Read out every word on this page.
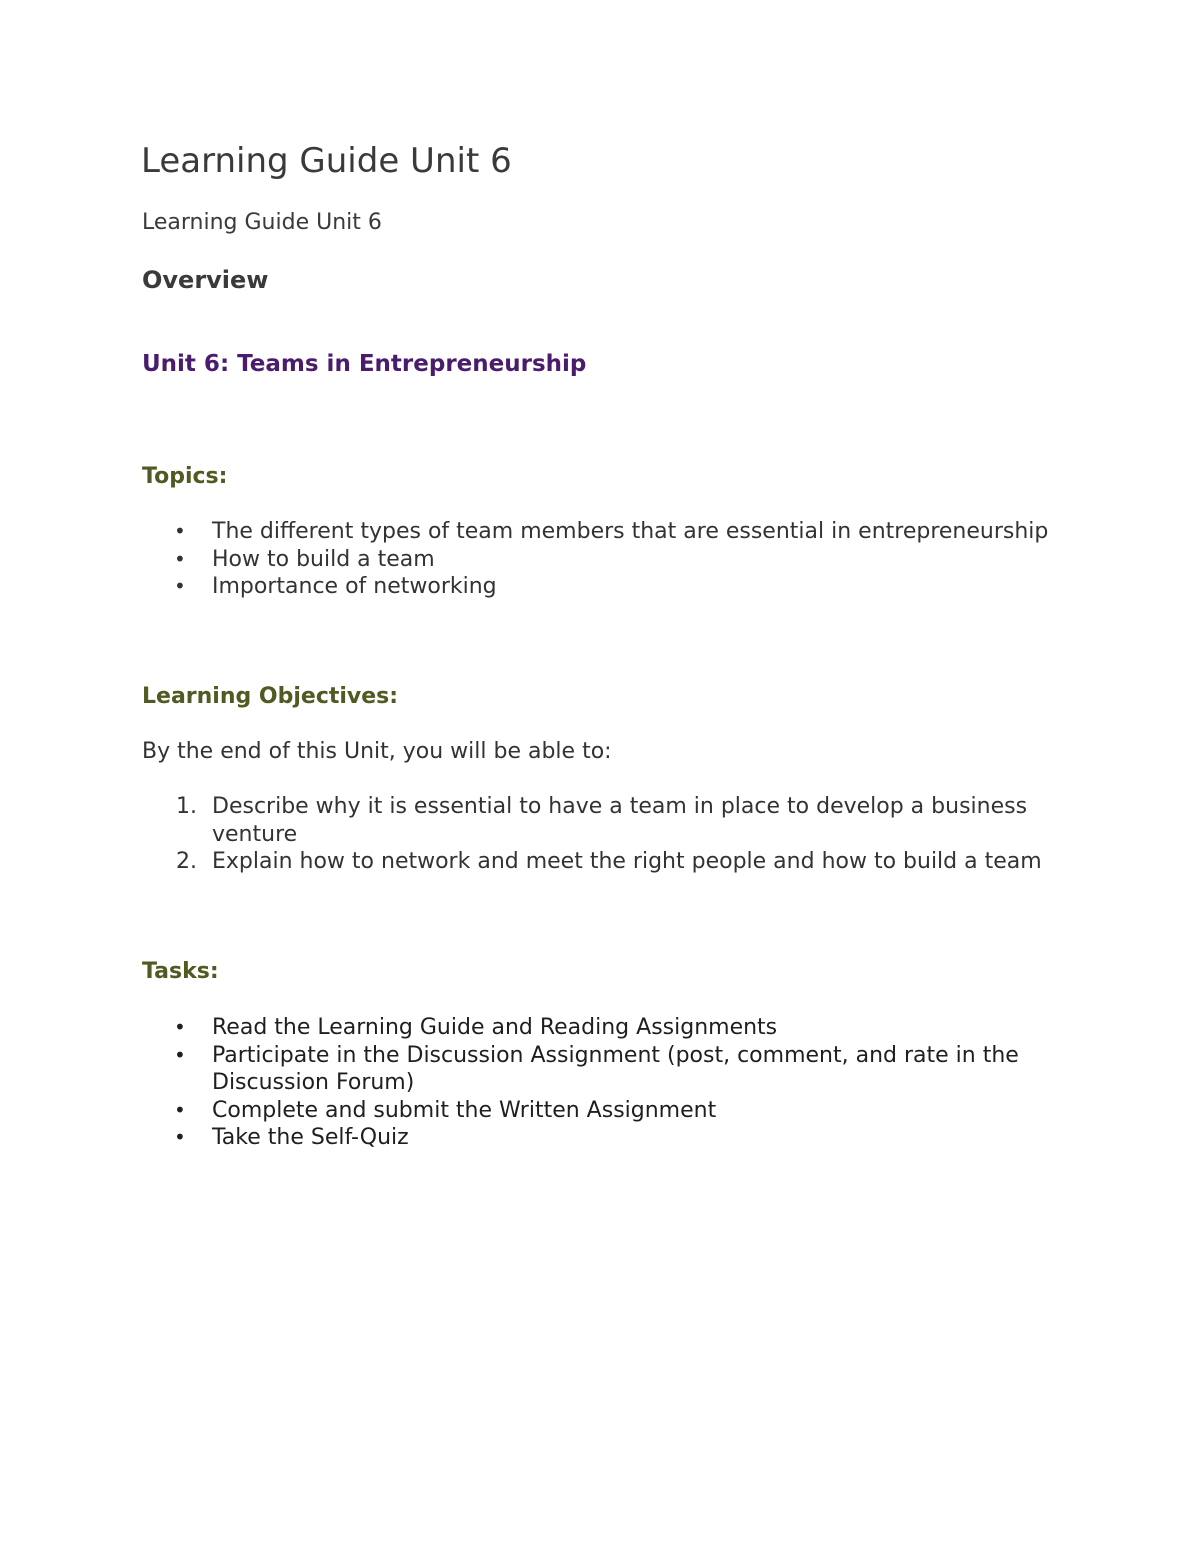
Learning Guide Unit 6

Learning Guide Unit 6

Overview
Unit 6: Teams in Entrepreneurship
Topics:
• The different types of team members that are essential in entrepreneurship
• How to build a team
• Importance of networking
Learning Objectives:

By the end of this Unit, you will be able to:

1. Describe why it is essential to have a team in place to develop a business venture
2. Explain how to network and meet the right people and how to build a team
Tasks:
• Read the Learning Guide and Reading Assignments
• Participate in the Discussion Assignment (post, comment, and rate in the Discussion Forum)
• Complete and submit the Written Assignment
• Take the Self-Quiz
